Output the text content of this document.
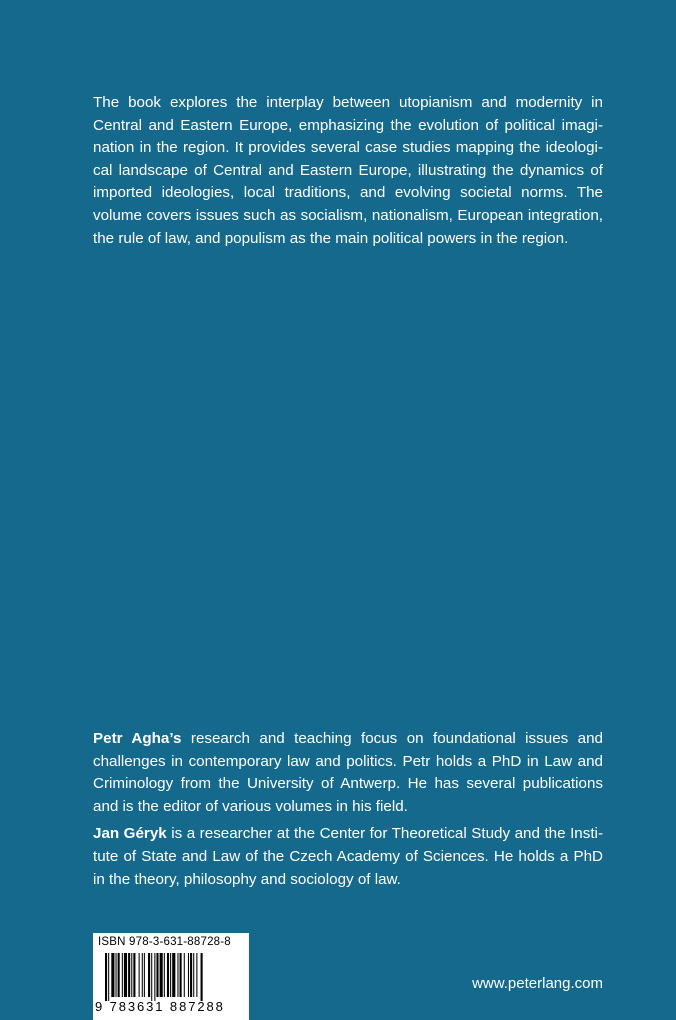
The book explores the interplay between utopianism and modernity in Central and Eastern Europe, emphasizing the evolution of political imagination in the region. It provides several case studies mapping the ideological landscape of Central and Eastern Europe, illustrating the dynamics of imported ideologies, local traditions, and evolving societal norms. The volume covers issues such as socialism, nationalism, European integration, the rule of law, and populism as the main political powers in the region.

Petr Agha’s research and teaching focus on foundational issues and challenges in contemporary law and politics. Petr holds a PhD in Law and Criminology from the University of Antwerp. He has several publications and is the editor of various volumes in his field.

Jan Géryk is a researcher at the Center for Theoretical Study and the Institute of State and Law of the Czech Academy of Sciences. He holds a PhD in the theory, philosophy and sociology of law.

ISBN 978-3-631-88728-8
9 783631 887288
www.peterlang.com
